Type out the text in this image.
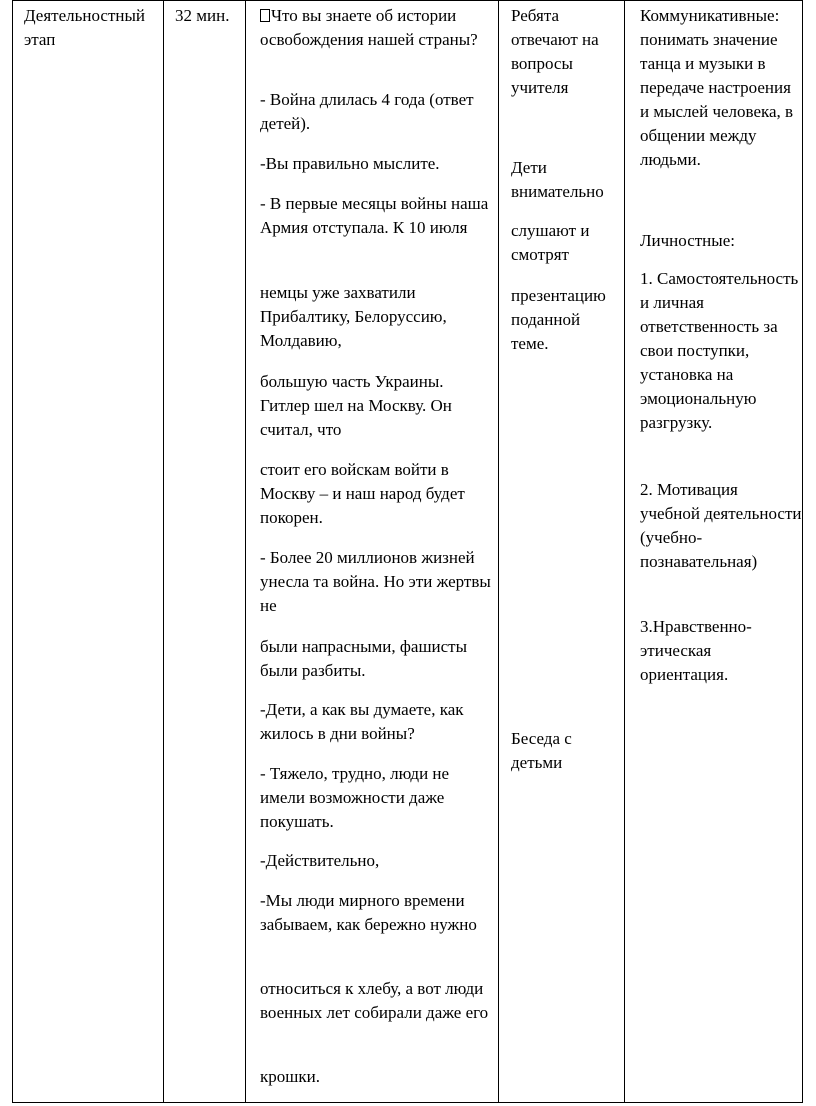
Деятельностный этап
32 мин.	Что вы знаете об истории освобождения нашей страны?

- Война длилась 4 года (ответ детей).

-Вы правильно мыслите.

- В первые месяцы войны наша Армия отступала. К 10 июля

немцы уже захватили Прибалтику, Белоруссию, Молдавию,

большую часть Украины. Гитлер шел на Москву. Он считал, что

стоит его войскам войти в Москву – и наш народ будет покорен.

- Более 20 миллионов жизней унесла та война. Но эти жертвы не

были напрасными, фашисты были разбиты.

-Дети, а как вы думаете, как жилось в дни войны?

- Тяжело, трудно, люди не имели возможности даже покушать.

-Действительно,

-Мы люди мирного времени забываем, как бережно нужно

относиться к хлебу, а вот люди военных лет собирали даже его

крошки.

Ребята отвечают на вопросы учителя

Дети внимательно

слушают и смотрят

презентацию поданной теме.

Беседа с детьми

Коммуникативные: понимать значение танца и музыки в передаче настроения и мыслей человека, в общении между людьми.

Личностные:

1. Самостоятельность и личная ответственность за свои поступки, установка на эмоциональную разгрузку.

2. Мотивация учебной деятельности (учебно-познавательная)

3.Нравственно-этическая ориентация.
